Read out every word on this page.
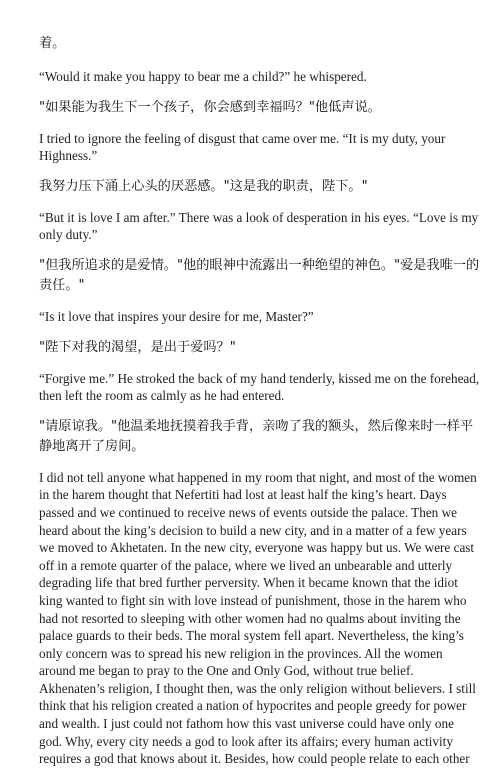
着。
“Would it make you happy to bear me a child?” he whispered.
"如果能为我生下一个孩子，你会感到幸福吗？"他低声说。
I tried to ignore the feeling of disgust that came over me. “It is my duty, your
Highness.”
我努力压下涌上心头的厌恶感。"这是我的职责，陛下。"
“But it is love I am after.” There was a look of desperation in his eyes. “Love is my
only duty.”
"但我所追求的是爱情。"他的眼神中流露出一种绝望的神色。"爱是我唯一的
责任。"
“Is it love that inspires your desire for me, Master?”
"陛下对我的渴望，是出于爱吗？"
“Forgive me.” He stroked the back of my hand tenderly, kissed me on the forehead,
then left the room as calmly as he had entered.
"请原谅我。"他温柔地抚摸着我手背，亲吻了我的额头，然后像来时一样平
静地离开了房间。
I did not tell anyone what happened in my room that night, and most of the women
in the harem thought that Nefertiti had lost at least half the king’s heart. Days
passed and we continued to receive news of events outside the palace. Then we
heard about the king’s decision to build a new city, and in a matter of a few years
we moved to Akhetaten. In the new city, everyone was happy but us. We were cast
off in a remote quarter of the palace, where we lived an unbearable and utterly
degrading life that bred further perversity. When it became known that the idiot
king wanted to fight sin with love instead of punishment, those in the harem who
had not resorted to sleeping with other women had no qualms about inviting the
palace guards to their beds. The moral system fell apart. Nevertheless, the king’s
only concern was to spread his new religion in the provinces. All the women
around me began to pray to the One and Only God, without true belief.
Akhenaten’s religion, I thought then, was the only religion without believers. I still
think that his religion created a nation of hypocrites and people greedy for power
and wealth. I just could not fathom how this vast universe could have only one
god. Why, every city needs a god to look after its affairs; every human activity
requires a god that knows about it. Besides, how could people relate to each other
